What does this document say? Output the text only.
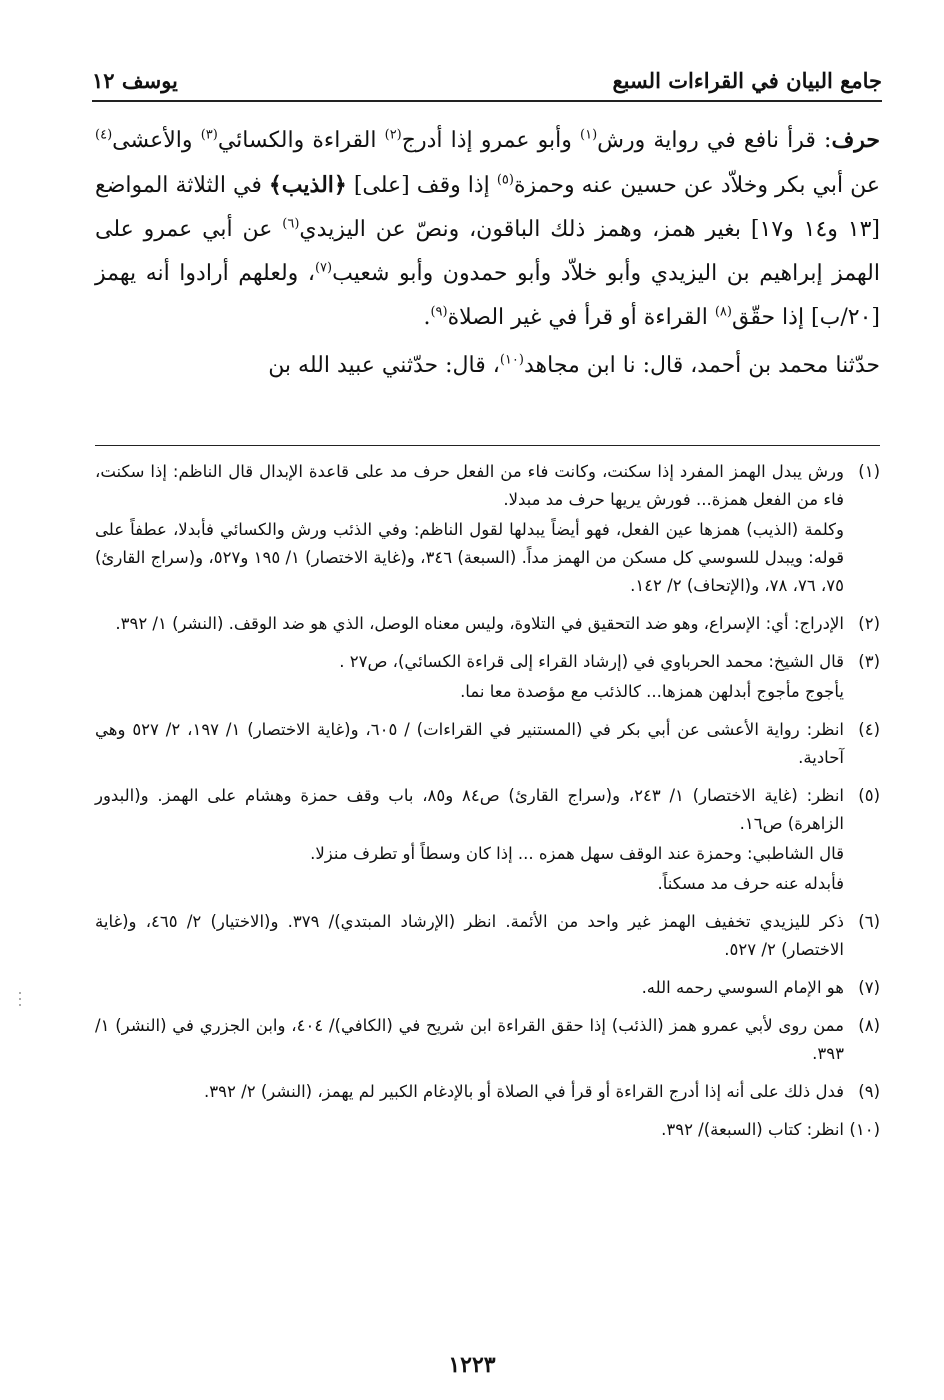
جامع البيان في القراءات السبع
يوسف ١٢

حرف: قرأ نافع في رواية ورش$^{(١)}$ وأبو عمرو إذا أدرج$^{(٢)}$ القراءة والكسائي$^{(٣)}$ والأعشى$^{(٤)}$ عن أبي بكر وخلاّد عن حسين عنه وحمزة$^{(٥)}$ إذا وقف [على] ﴿الذيب﴾ في الثلاثة المواضع [١٣ و١٤ و١٧] بغير همز، وهمز ذلك الباقون، ونصّ عن اليزيدي$^{(٦)}$ عن أبي عمرو على الهمز إبراهيم بن اليزيدي وأبو خلاّد وأبو حمدون وأبو شعيب$^{(٧)}$، ولعلهم أرادوا أنه يهمز [٢٠/ب] إذا حقّق$^{(٨)}$ القراءة أو قرأ في غير الصلاة$^{(٩)}$.

حدّثنا محمد بن أحمد، قال: نا ابن مجاهد$^{(١٠)}$، قال: حدّثني عبيد الله بن

(١)
ورش يبدل الهمز المفرد إذا سكنت، وكانت فاء من الفعل حرف مد على قاعدة الإبدال قال الناظم: إذا سكنت، فاء من الفعل همزة... فورش يريها حرف مد مبدلا.
وكلمة (الذيب) همزها عين الفعل، فهو أيضاً يبدلها لقول الناظم: وفي الذئب ورش والكسائي فأبدلا، عطفاً على قوله: ويبدل للسوسي كل مسكن من الهمز مداً. (السبعة) ٣٤٦، و(غاية الاختصار) ١/ ١٩٥ و٥٢٧، و(سراج القارئ) ٧٥، ٧٦، ٧٨، و(الإتحاف) ٢/ ١٤٢.
(٢)
الإدراج: أي: الإسراع، وهو ضد التحقيق في التلاوة، وليس معناه الوصل، الذي هو ضد الوقف. (النشر) ١/ ٣٩٢.
(٣)
قال الشيخ: محمد الحرباوي في (إرشاد القراء إلى قراءة الكسائي)، ص٢٧ .
يأجوج مأجوج أبدلهن همزها... كالذئب مع مؤصدة معا نما.
(٤)
انظر: رواية الأعشى عن أبي بكر في (المستنير في القراءات) / ٦٠٥، و(غاية الاختصار) ١/ ١٩٧، ٢/ ٥٢٧ وهي آحادية.
(٥)
انظر: (غاية الاختصار) ١/ ٢٤٣، و(سراج القارئ) ص٨٤ و٨٥، باب وقف حمزة وهشام على الهمز. و(البدور الزاهرة) ص١٦.
قال الشاطبي: وحمزة عند الوقف سهل همزه ... إذا كان وسطاً أو تطرف منزلا.
فأبدله عنه حرف مد مسكناً.
(٦)
ذكر لليزيدي تخفيف الهمز غير واحد من الأئمة. انظر (الإرشاد المبتدي)/ ٣٧٩. و(الاختيار) ٢/ ٤٦٥، و(غاية الاختصار) ٢/ ٥٢٧.
(٧)
هو الإمام السوسي رحمه الله.
(٨)
ممن روى لأبي عمرو همز (الذئب) إذا حقق القراءة ابن شريح في (الكافي)/ ٤٠٤، وابن الجزري في (النشر) ١/ ٣٩٣.
(٩)
فدل ذلك على أنه إذا أدرج القراءة أو قرأ في الصلاة أو بالإدغام الكبير لم يهمز، (النشر) ٢/ ٣٩٢.
(١٠)
انظر: كتاب (السبعة)/ ٣٩٢.
١٢٢٣
